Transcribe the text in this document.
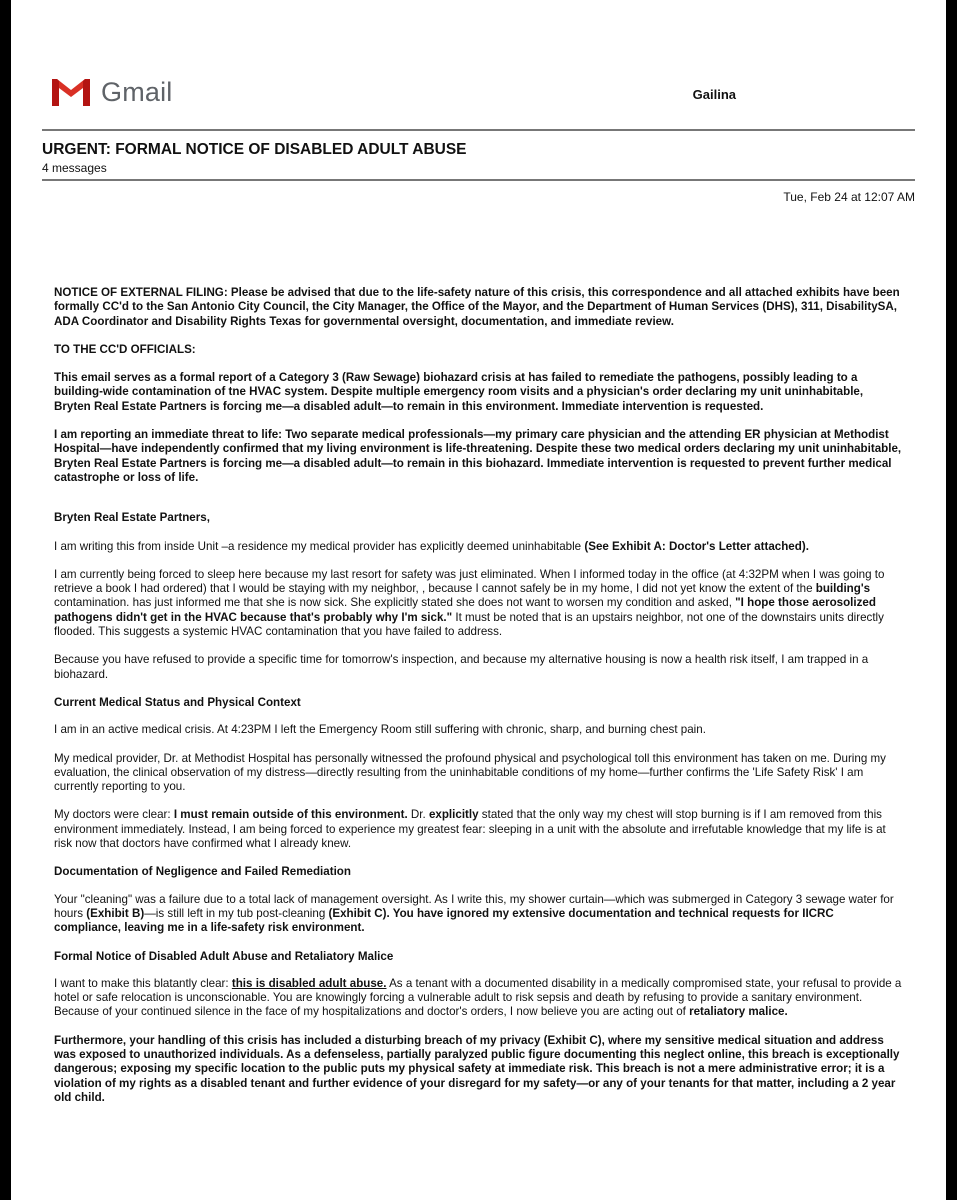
Gmail	Gailina
URGENT: FORMAL NOTICE OF DISABLED ADULT ABUSE
4 messages
Tue, Feb 24 at 12:07 AM

NOTICE OF EXTERNAL FILING: Please be advised that due to the life-safety nature of this crisis, this correspondence and all attached exhibits have been formally CC'd to the San Antonio City Council, the City Manager, the Office of the Mayor, and the Department of Human Services (DHS), 311, DisabilitySA, ADA Coordinator and Disability Rights Texas for governmental oversight, documentation, and immediate review.

TO THE CC'D OFFICIALS:

This email serves as a formal report of a Category 3 (Raw Sewage) biohazard crisis at has failed to remediate the pathogens, possibly leading to a building-wide contamination of tne HVAC system. Despite multiple emergency room visits and a physician's order declaring my unit uninhabitable, Bryten Real Estate Partners is forcing me—a disabled adult—to remain in this environment. Immediate intervention is requested.

I am reporting an immediate threat to life: Two separate medical professionals—my primary care physician and the attending ER physician at Methodist Hospital—have independently confirmed that my living environment is life-threatening. Despite these two medical orders declaring my unit uninhabitable, Bryten Real Estate Partners is forcing me—a disabled adult—to remain in this biohazard. Immediate intervention is requested to prevent further medical catastrophe or loss of life.

Bryten Real Estate Partners,

I am writing this from inside Unit –a residence my medical provider has explicitly deemed uninhabitable (See Exhibit A: Doctor's Letter attached).

I am currently being forced to sleep here because my last resort for safety was just eliminated. When I informed today in the office (at 4:32PM when I was going to retrieve a book I had ordered) that I would be staying with my neighbor, , because I cannot safely be in my home, I did not yet know the extent of the building's contamination. has just informed me that she is now sick. She explicitly stated she does not want to worsen my condition and asked, "I hope those aerosolized pathogens didn't get in the HVAC because that's probably why I'm sick." It must be noted that is an upstairs neighbor, not one of the downstairs units directly flooded. This suggests a systemic HVAC contamination that you have failed to address.

Because you have refused to provide a specific time for tomorrow's inspection, and because my alternative housing is now a health risk itself, I am trapped in a biohazard.

Current Medical Status and Physical Context

I am in an active medical crisis. At 4:23PM I left the Emergency Room still suffering with chronic, sharp, and burning chest pain.

My medical provider, Dr. at Methodist Hospital has personally witnessed the profound physical and psychological toll this environment has taken on me. During my evaluation, the clinical observation of my distress—directly resulting from the uninhabitable conditions of my home—further confirms the 'Life Safety Risk' I am currently reporting to you.

My doctors were clear: I must remain outside of this environment. Dr. explicitly stated that the only way my chest will stop burning is if I am removed from this environment immediately. Instead, I am being forced to experience my greatest fear: sleeping in a unit with the absolute and irrefutable knowledge that my life is at risk now that doctors have confirmed what I already knew.

Documentation of Negligence and Failed Remediation

Your "cleaning" was a failure due to a total lack of management oversight. As I write this, my shower curtain—which was submerged in Category 3 sewage water for hours (Exhibit B)—is still left in my tub post-cleaning (Exhibit C). You have ignored my extensive documentation and technical requests for IICRC compliance, leaving me in a life-safety risk environment.

Formal Notice of Disabled Adult Abuse and Retaliatory Malice

I want to make this blatantly clear: this is disabled adult abuse. As a tenant with a documented disability in a medically compromised state, your refusal to provide a hotel or safe relocation is unconscionable. You are knowingly forcing a vulnerable adult to risk sepsis and death by refusing to provide a sanitary environment. Because of your continued silence in the face of my hospitalizations and doctor's orders, I now believe you are acting out of retaliatory malice.

Furthermore, your handling of this crisis has included a disturbing breach of my privacy (Exhibit C), where my sensitive medical situation and address was exposed to unauthorized individuals. As a defenseless, partially paralyzed public figure documenting this neglect online, this breach is exceptionally dangerous; exposing my specific location to the public puts my physical safety at immediate risk. This breach is not a mere administrative error; it is a violation of my rights as a disabled tenant and further evidence of your disregard for my safety—or any of your tenants for that matter, including a 2 year old child.
